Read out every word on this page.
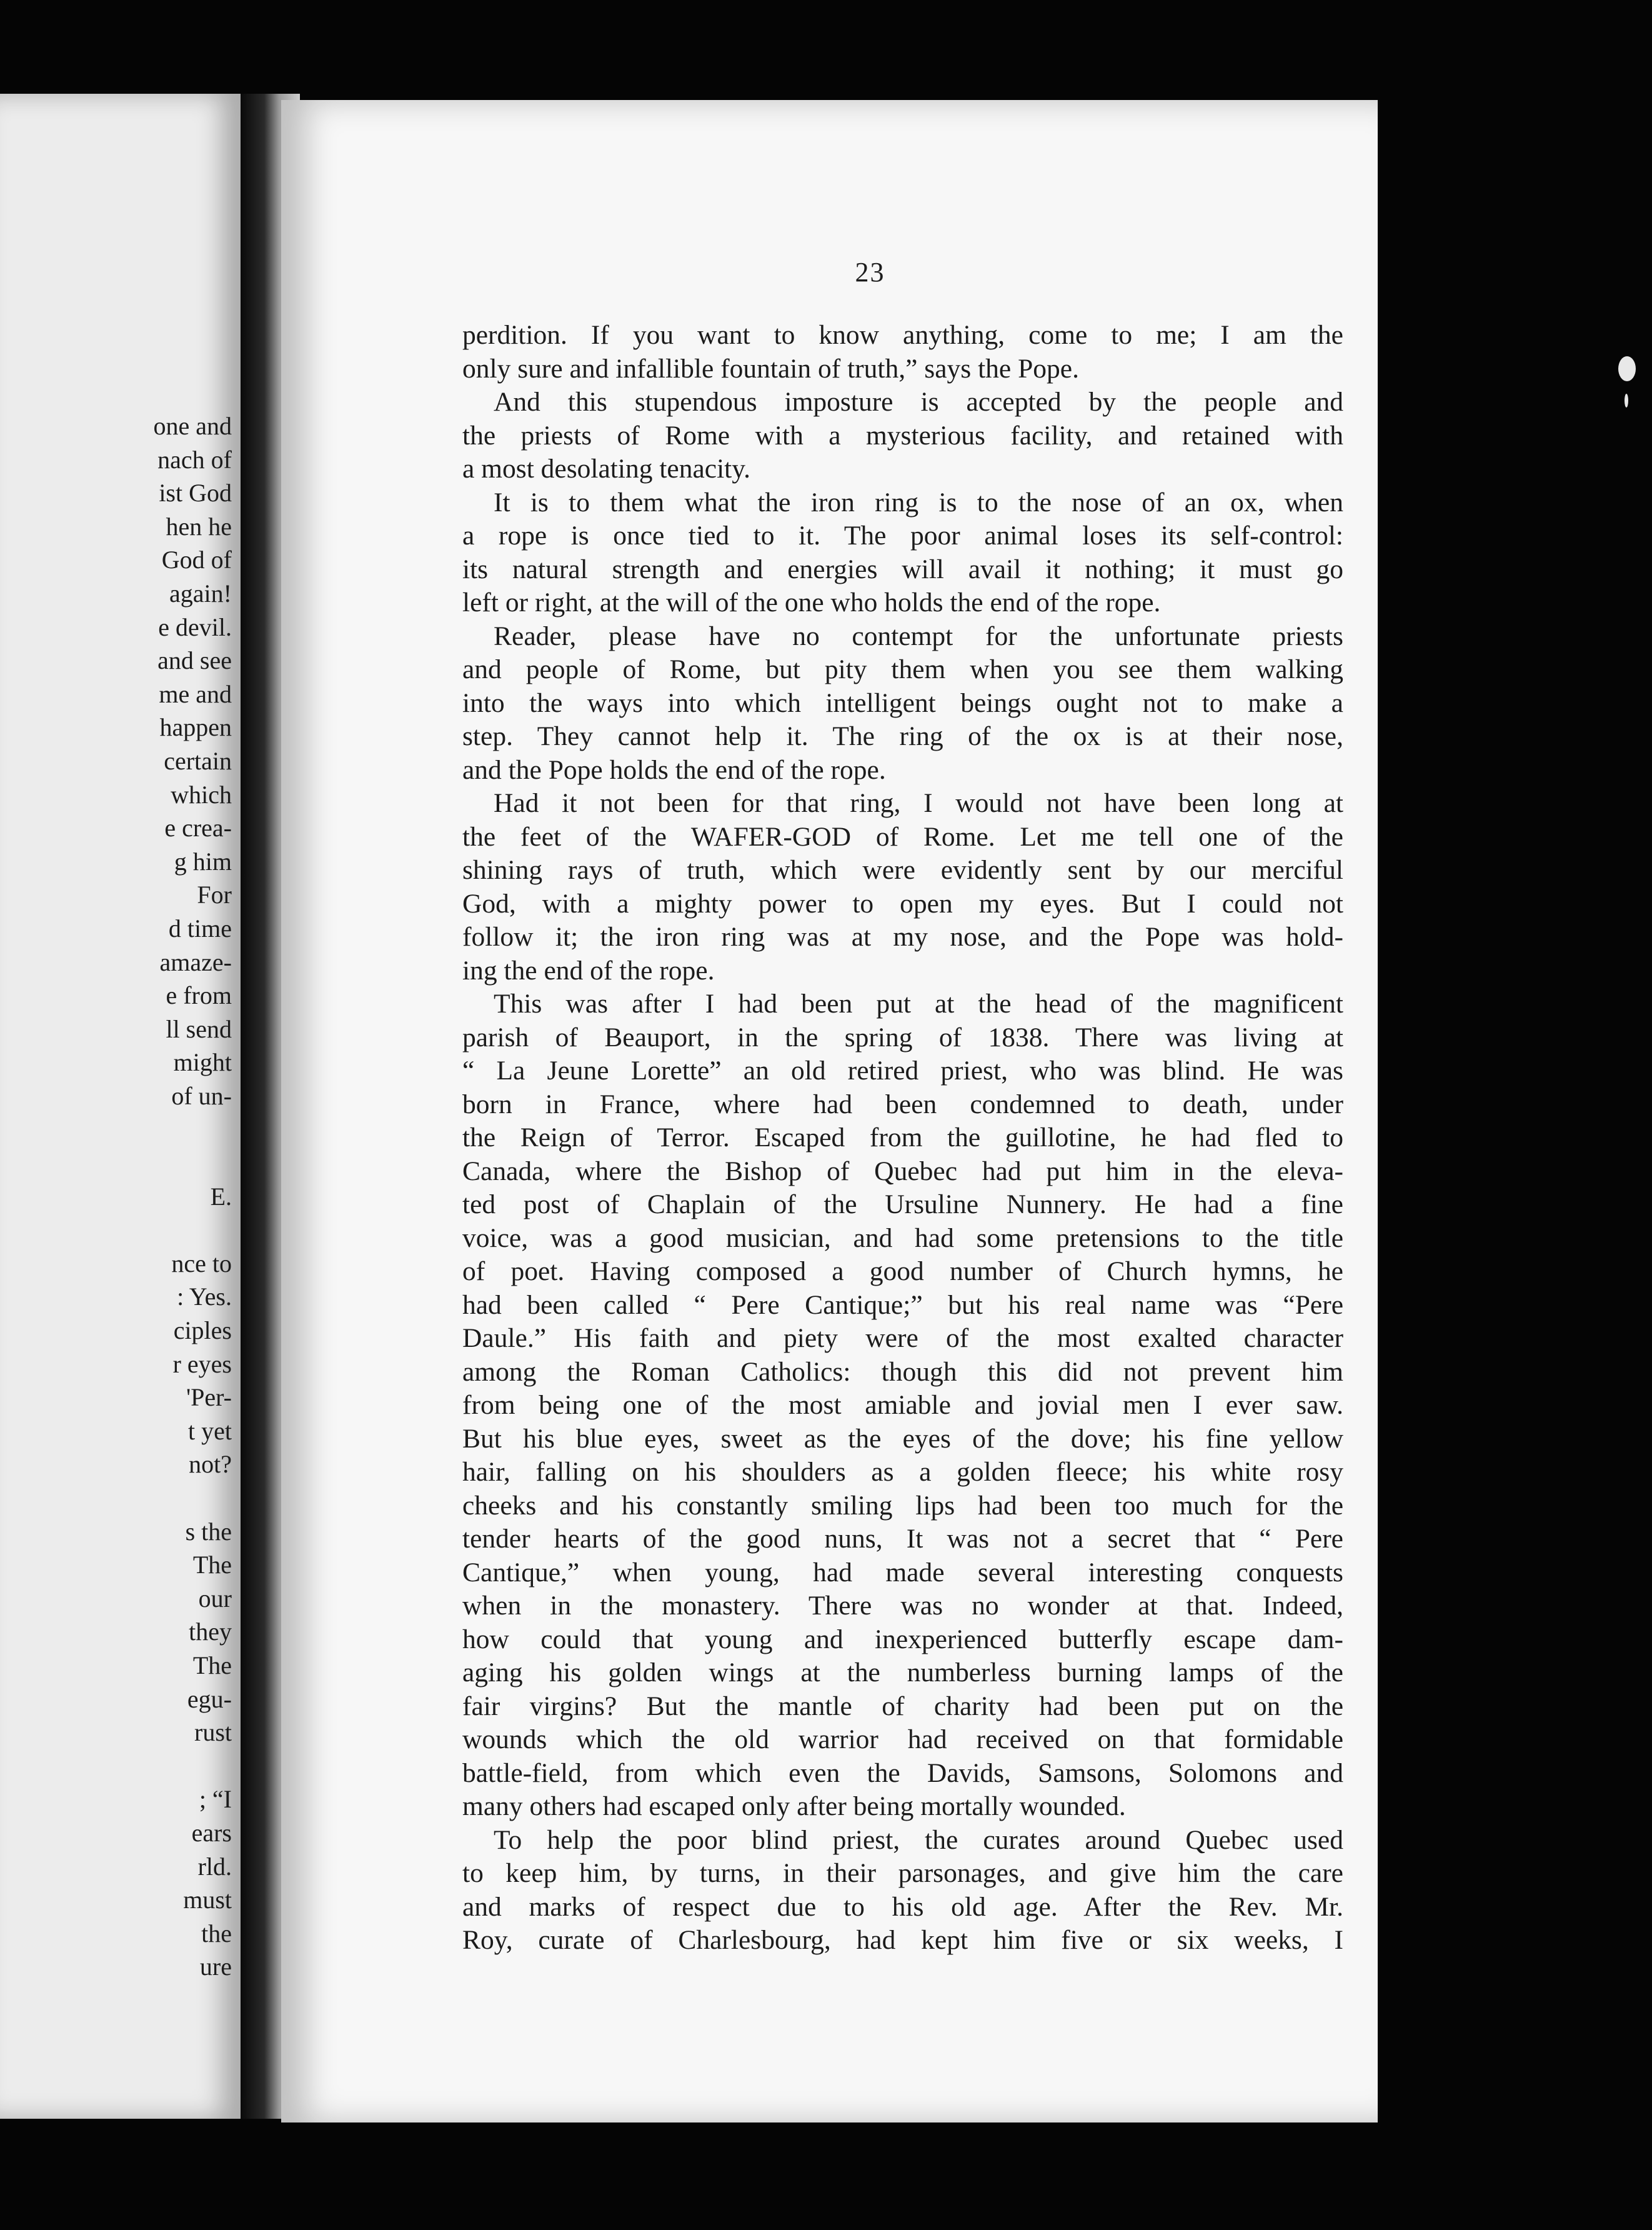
one and
nach of
ist God
hen he
God of
again!
e devil.
and see
me and
happen
certain
which
e crea-
g him
For
d time
amaze-
e from
ll send
might
of un-
E.
nce to
: Yes.
ciples
r eyes
'Per-
t yet
not?
s the
The
our
they
The
egu-
rust
; “I
ears
rld.
must
the
ure
23
perdition. If you want to know anything, come to me; I am the
only sure and infallible fountain of truth,” says the Pope.
And this stupendous imposture is accepted by the people and
the priests of Rome with a mysterious facility, and retained with
a most desolating tenacity.
It is to them what the iron ring is to the nose of an ox, when
a rope is once tied to it. The poor animal loses its self-control:
its natural strength and energies will avail it nothing; it must go
left or right, at the will of the one who holds the end of the rope.
Reader, please have no contempt for the unfortunate priests
and people of Rome, but pity them when you see them walking
into the ways into which intelligent beings ought not to make a
step. They cannot help it. The ring of the ox is at their nose,
and the Pope holds the end of the rope.
Had it not been for that ring, I would not have been long at
the feet of the WAFER-GOD of Rome. Let me tell one of the
shining rays of truth, which were evidently sent by our merciful
God, with a mighty power to open my eyes. But I could not
follow it; the iron ring was at my nose, and the Pope was hold-
ing the end of the rope.
This was after I had been put at the head of the magnificent
parish of Beauport, in the spring of 1838. There was living at
“ La Jeune Lorette” an old retired priest, who was blind. He was
born in France, where had been condemned to death, under
the Reign of Terror. Escaped from the guillotine, he had fled to
Canada, where the Bishop of Quebec had put him in the eleva-
ted post of Chaplain of the Ursuline Nunnery. He had a fine
voice, was a good musician, and had some pretensions to the title
of poet. Having composed a good number of Church hymns, he
had been called “ Pere Cantique;” but his real name was “Pere
Daule.” His faith and piety were of the most exalted character
among the Roman Catholics: though this did not prevent him
from being one of the most amiable and jovial men I ever saw.
But his blue eyes, sweet as the eyes of the dove; his fine yellow
hair, falling on his shoulders as a golden fleece; his white rosy
cheeks and his constantly smiling lips had been too much for the
tender hearts of the good nuns, It was not a secret that “ Pere
Cantique,” when young, had made several interesting conquests
when in the monastery. There was no wonder at that. Indeed,
how could that young and inexperienced butterfly escape dam-
aging his golden wings at the numberless burning lamps of the
fair virgins? But the mantle of charity had been put on the
wounds which the old warrior had received on that formidable
battle-field, from which even the Davids, Samsons, Solomons and
many others had escaped only after being mortally wounded.
To help the poor blind priest, the curates around Quebec used
to keep him, by turns, in their parsonages, and give him the care
and marks of respect due to his old age. After the Rev. Mr.
Roy, curate of Charlesbourg, had kept him five or six weeks, I
